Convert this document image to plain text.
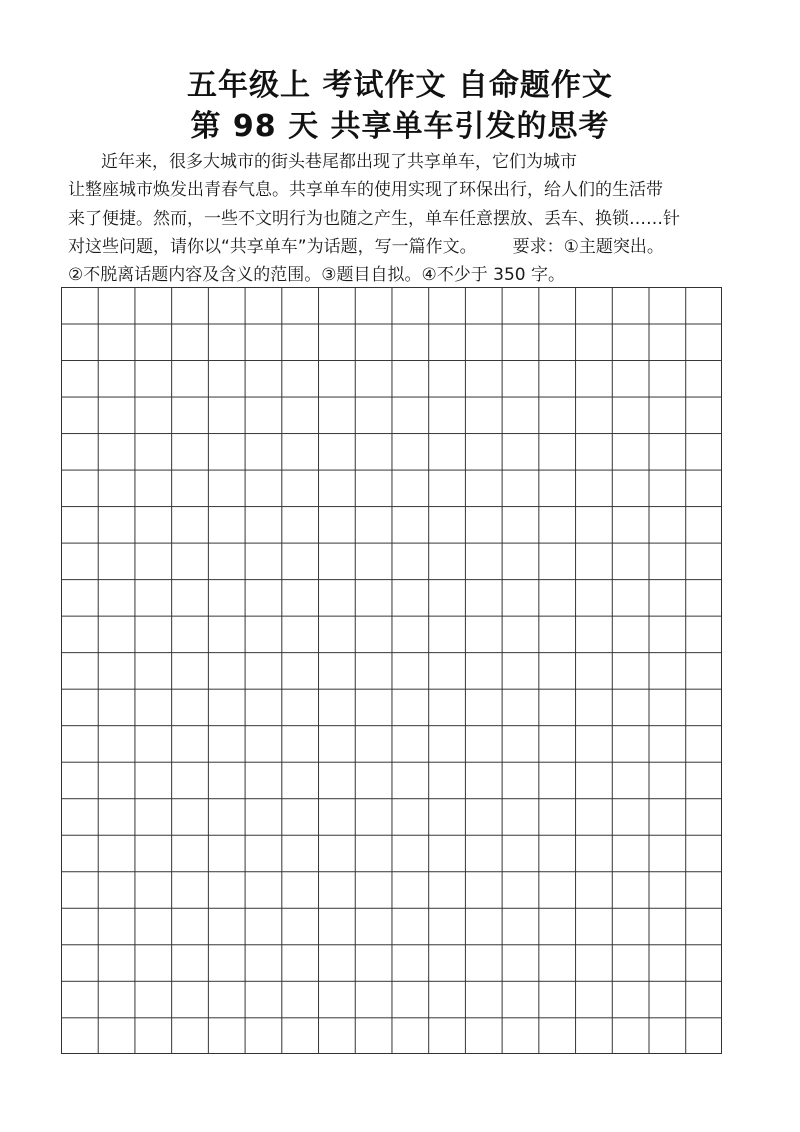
五年级上 考试作文 自命题作文
第 98 天 共享单车引发的思考
近年来，很多大城市的街头巷尾都出现了共享单车，它们为城市
让整座城市焕发出青春气息。共享单车的使用实现了环保出行，给人们的生活带
来了便捷。然而，一些不文明行为也随之产生，单车任意摆放、丢车、换锁……针
对这些问题，请你以“共享单车”为话题，写一篇作文。 要求：①主题突出。
②不脱离话题内容及含义的范围。③题目自拟。④不少于 350 字。
